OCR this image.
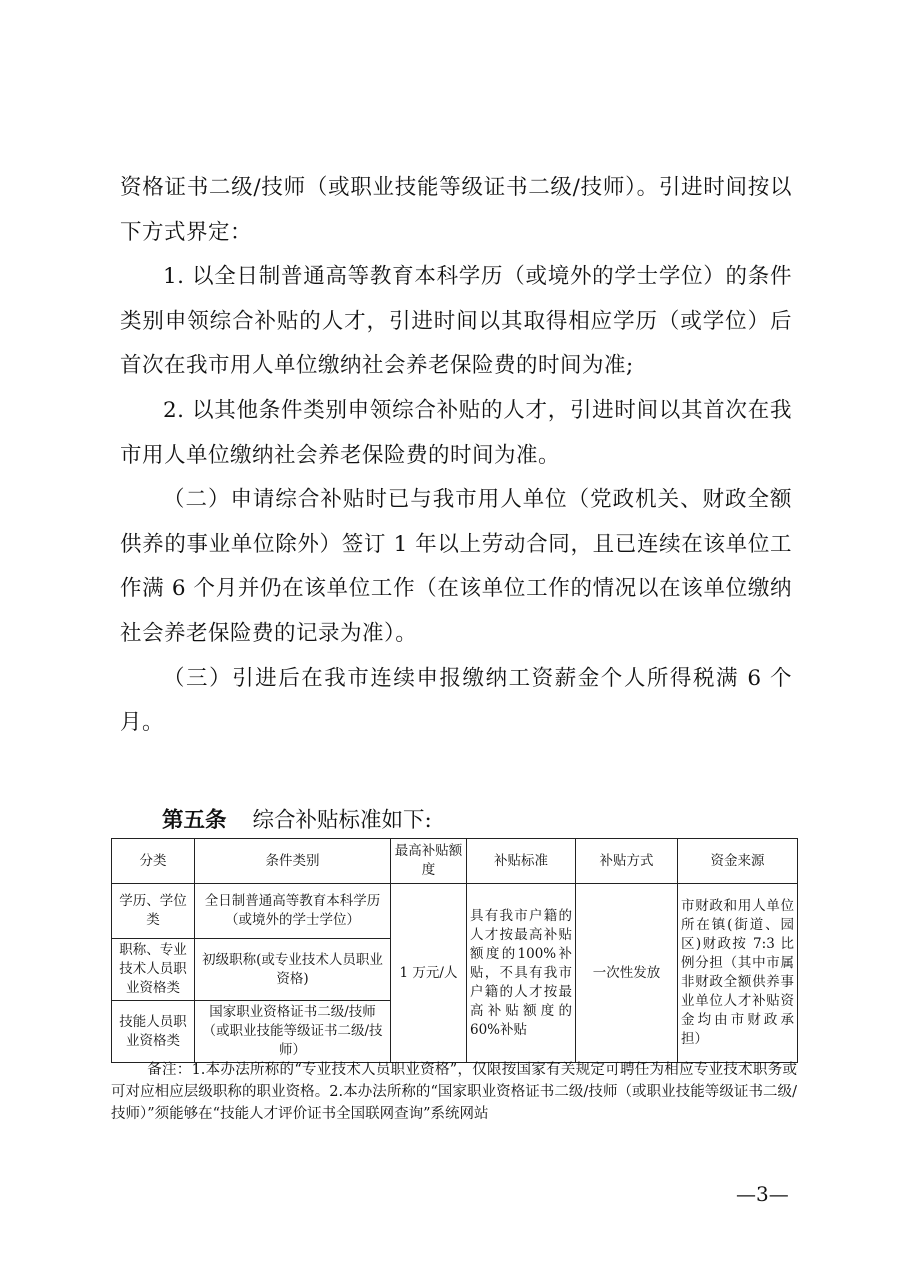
资格证书二级/技师（或职业技能等级证书二级/技师）。引进时间按以下方式界定：

1. 以全日制普通高等教育本科学历（或境外的学士学位）的条件类别申领综合补贴的人才，引进时间以其取得相应学历（或学位）后首次在我市用人单位缴纳社会养老保险费的时间为准;

2. 以其他条件类别申领综合补贴的人才，引进时间以其首次在我市用人单位缴纳社会养老保险费的时间为准。

（二）申请综合补贴时已与我市用人单位（党政机关、财政全额供养的事业单位除外）签订 1 年以上劳动合同，且已连续在该单位工作满 6 个月并仍在该单位工作（在该单位工作的情况以在该单位缴纳社会养老保险费的记录为准）。

（三）引进后在我市连续申报缴纳工资薪金个人所得税满 6 个月。

第五条 综合补贴标准如下:
分类	条件类别	最高补贴额度	补贴标准	补贴方式	资金来源
学历、学位类	全日制普通高等教育本科学历（或境外的学士学位）	1 万元/人	具有我市户籍的人才按最高补贴额度的100%补贴，不具有我市户籍的人才按最高补贴额度的60%补贴	一次性发放	市财政和用人单位所在镇(街道、园区)财政按 7:3 比例分担（其中市属非财政全额供养事业单位人才补贴资金均由市财政承担）
职称、专业技术人员职业资格类	初级职称(或专业技术人员职业资格)				
技能人员职业资格类	国家职业资格证书二级/技师（或职业技能等级证书二级/技师）				
备注：1.本办法所称的“专业技术人员职业资格”，仅限按国家有关规定可聘任为相应专业技术职务或可对应相应层级职称的职业资格。2.本办法所称的“国家职业资格证书二级/技师（或职业技能等级证书二级/技师）”须能够在“技能人才评价证书全国联网查询”系统网站
—3—
